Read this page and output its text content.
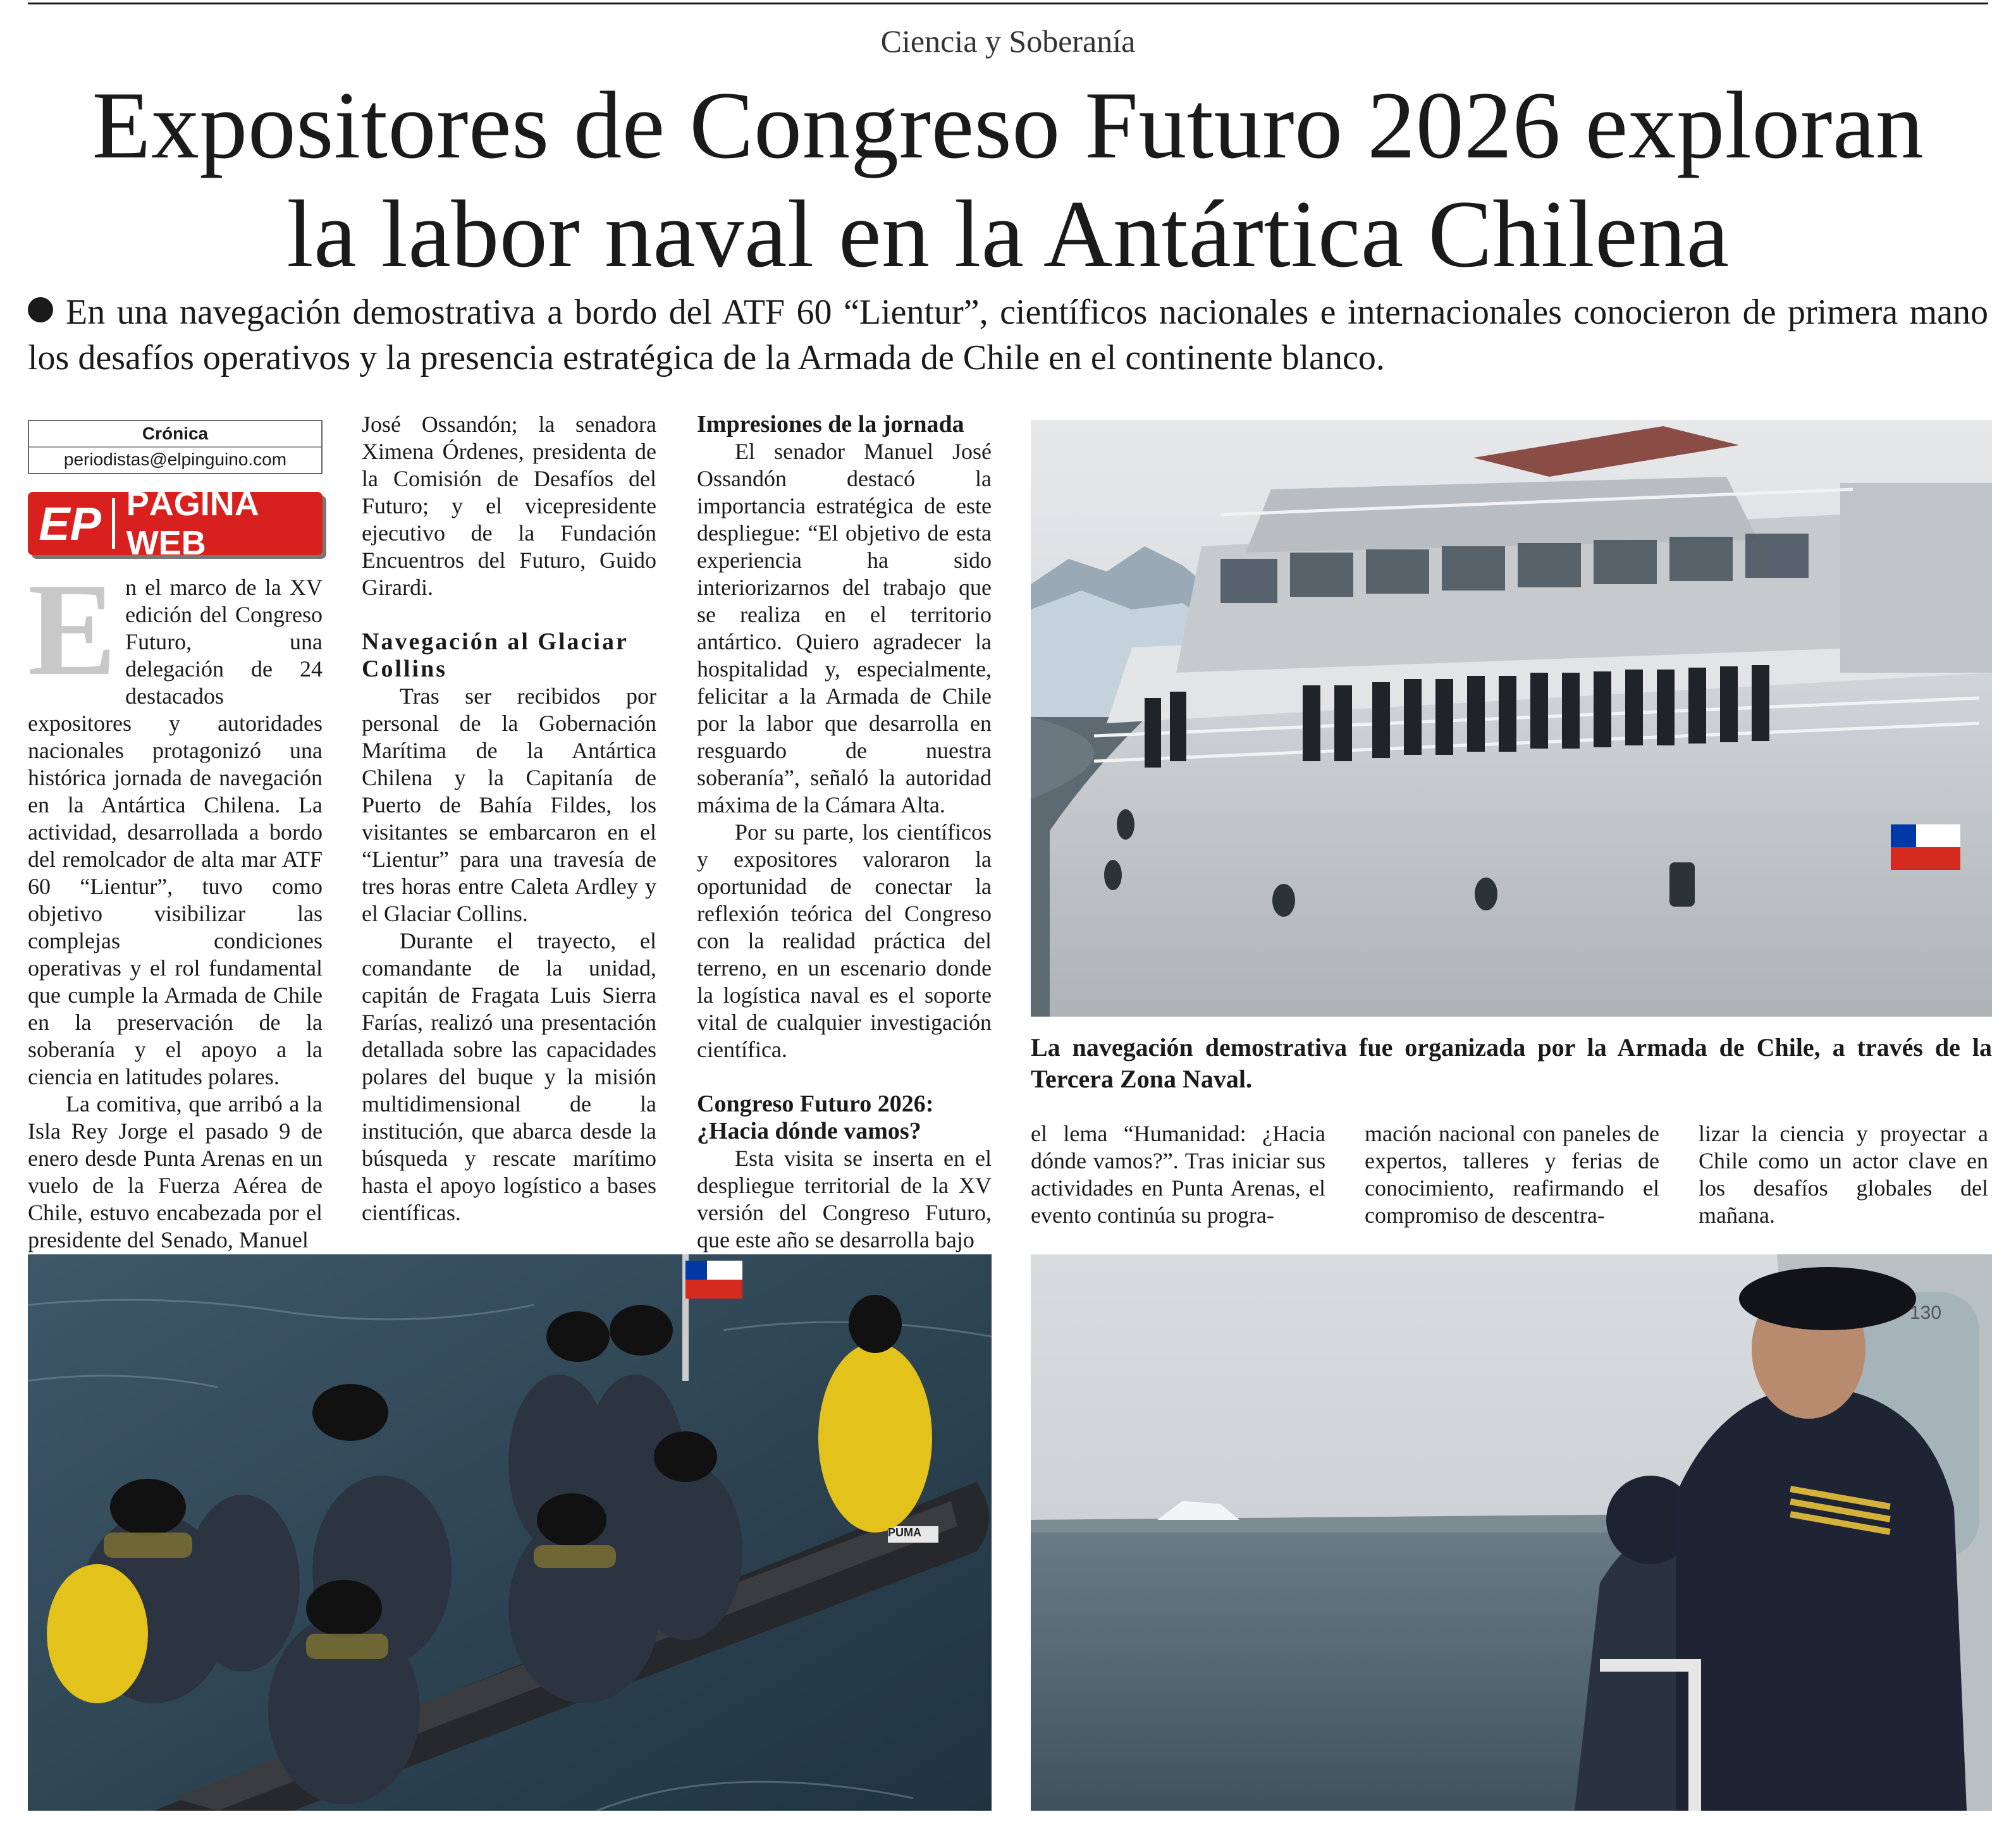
Ciencia y Soberanía
Expositores de Congreso Futuro 2026 exploran
la labor naval en la Antártica Chilena
En una navegación demostrativa a bordo del ATF 60 “Lientur”, científicos nacionales e internacionales conocieron de primera mano los desafíos operativos y la presencia estratégica de la Armada de Chile en el continente blanco.
Crónica
periodistas@elpinguino.com
EP PÁGINA WEB
E n el marco de la XV edición del Congreso Futuro, una delegación de 24 destacados expositores y autoridades nacionales protagonizó una histórica jornada de navegación en la Antártica Chilena. La actividad, desarrollada a bordo del remolcador de alta mar ATF 60 “Lientur”, tuvo como objetivo visibilizar las complejas condiciones operativas y el rol fundamental que cumple la Armada de Chile en la preservación de la soberanía y el apoyo a la ciencia en latitudes polares.

La comitiva, que arribó a la Isla Rey Jorge el pasado 9 de enero desde Punta Arenas en un vuelo de la Fuerza Aérea de Chile, estuvo encabezada por el presidente del Senado, Manuel

José Ossandón; la senadora Ximena Órdenes, presidenta de la Comisión de Desafíos del Futuro; y el vicepresidente ejecutivo de la Fundación Encuentros del Futuro, Guido Girardi.

Navegación al Glaciar Collins

Tras ser recibidos por personal de la Gobernación Marítima de la Antártica Chilena y la Capitanía de Puerto de Bahía Fildes, los visitantes se embarcaron en el “Lientur” para una travesía de tres horas entre Caleta Ardley y el Glaciar Collins.

Durante el trayecto, el comandante de la unidad, capitán de Fragata Luis Sierra Farías, realizó una presentación detallada sobre las capacidades polares del buque y la misión multidimensional de la institución, que abarca desde la búsqueda y rescate marítimo hasta el apoyo logístico a bases científicas.

Impresiones de la jornada

El senador Manuel José Ossandón destacó la importancia estratégica de este despliegue: “El objetivo de esta experiencia ha sido interiorizarnos del trabajo que se realiza en el territorio antártico. Quiero agradecer la hospitalidad y, especialmente, felicitar a la Armada de Chile por la labor que desarrolla en resguardo de nuestra soberanía”, señaló la autoridad máxima de la Cámara Alta.

Por su parte, los científicos y expositores valoraron la oportunidad de conectar la reflexión teórica del Congreso con la realidad práctica del terreno, en un escenario donde la logística naval es el soporte vital de cualquier investigación científica.

Congreso Futuro 2026: ¿Hacia dónde vamos?

Esta visita se inserta en el despliegue territorial de la XV versión del Congreso Futuro, que este año se desarrolla bajo

el lema “Humanidad: ¿Hacia dónde vamos?”. Tras iniciar sus actividades en Punta Arenas, el evento continúa su progra-

mación nacional con paneles de expertos, talleres y ferias de conocimiento, reafirmando el compromiso de descentra-

lizar la ciencia y proyectar a Chile como un actor clave en los desafíos globales del mañana.

La navegación demostrativa fue organizada por la Armada de Chile, a través de la Tercera Zona Naval.
PUMA
130
